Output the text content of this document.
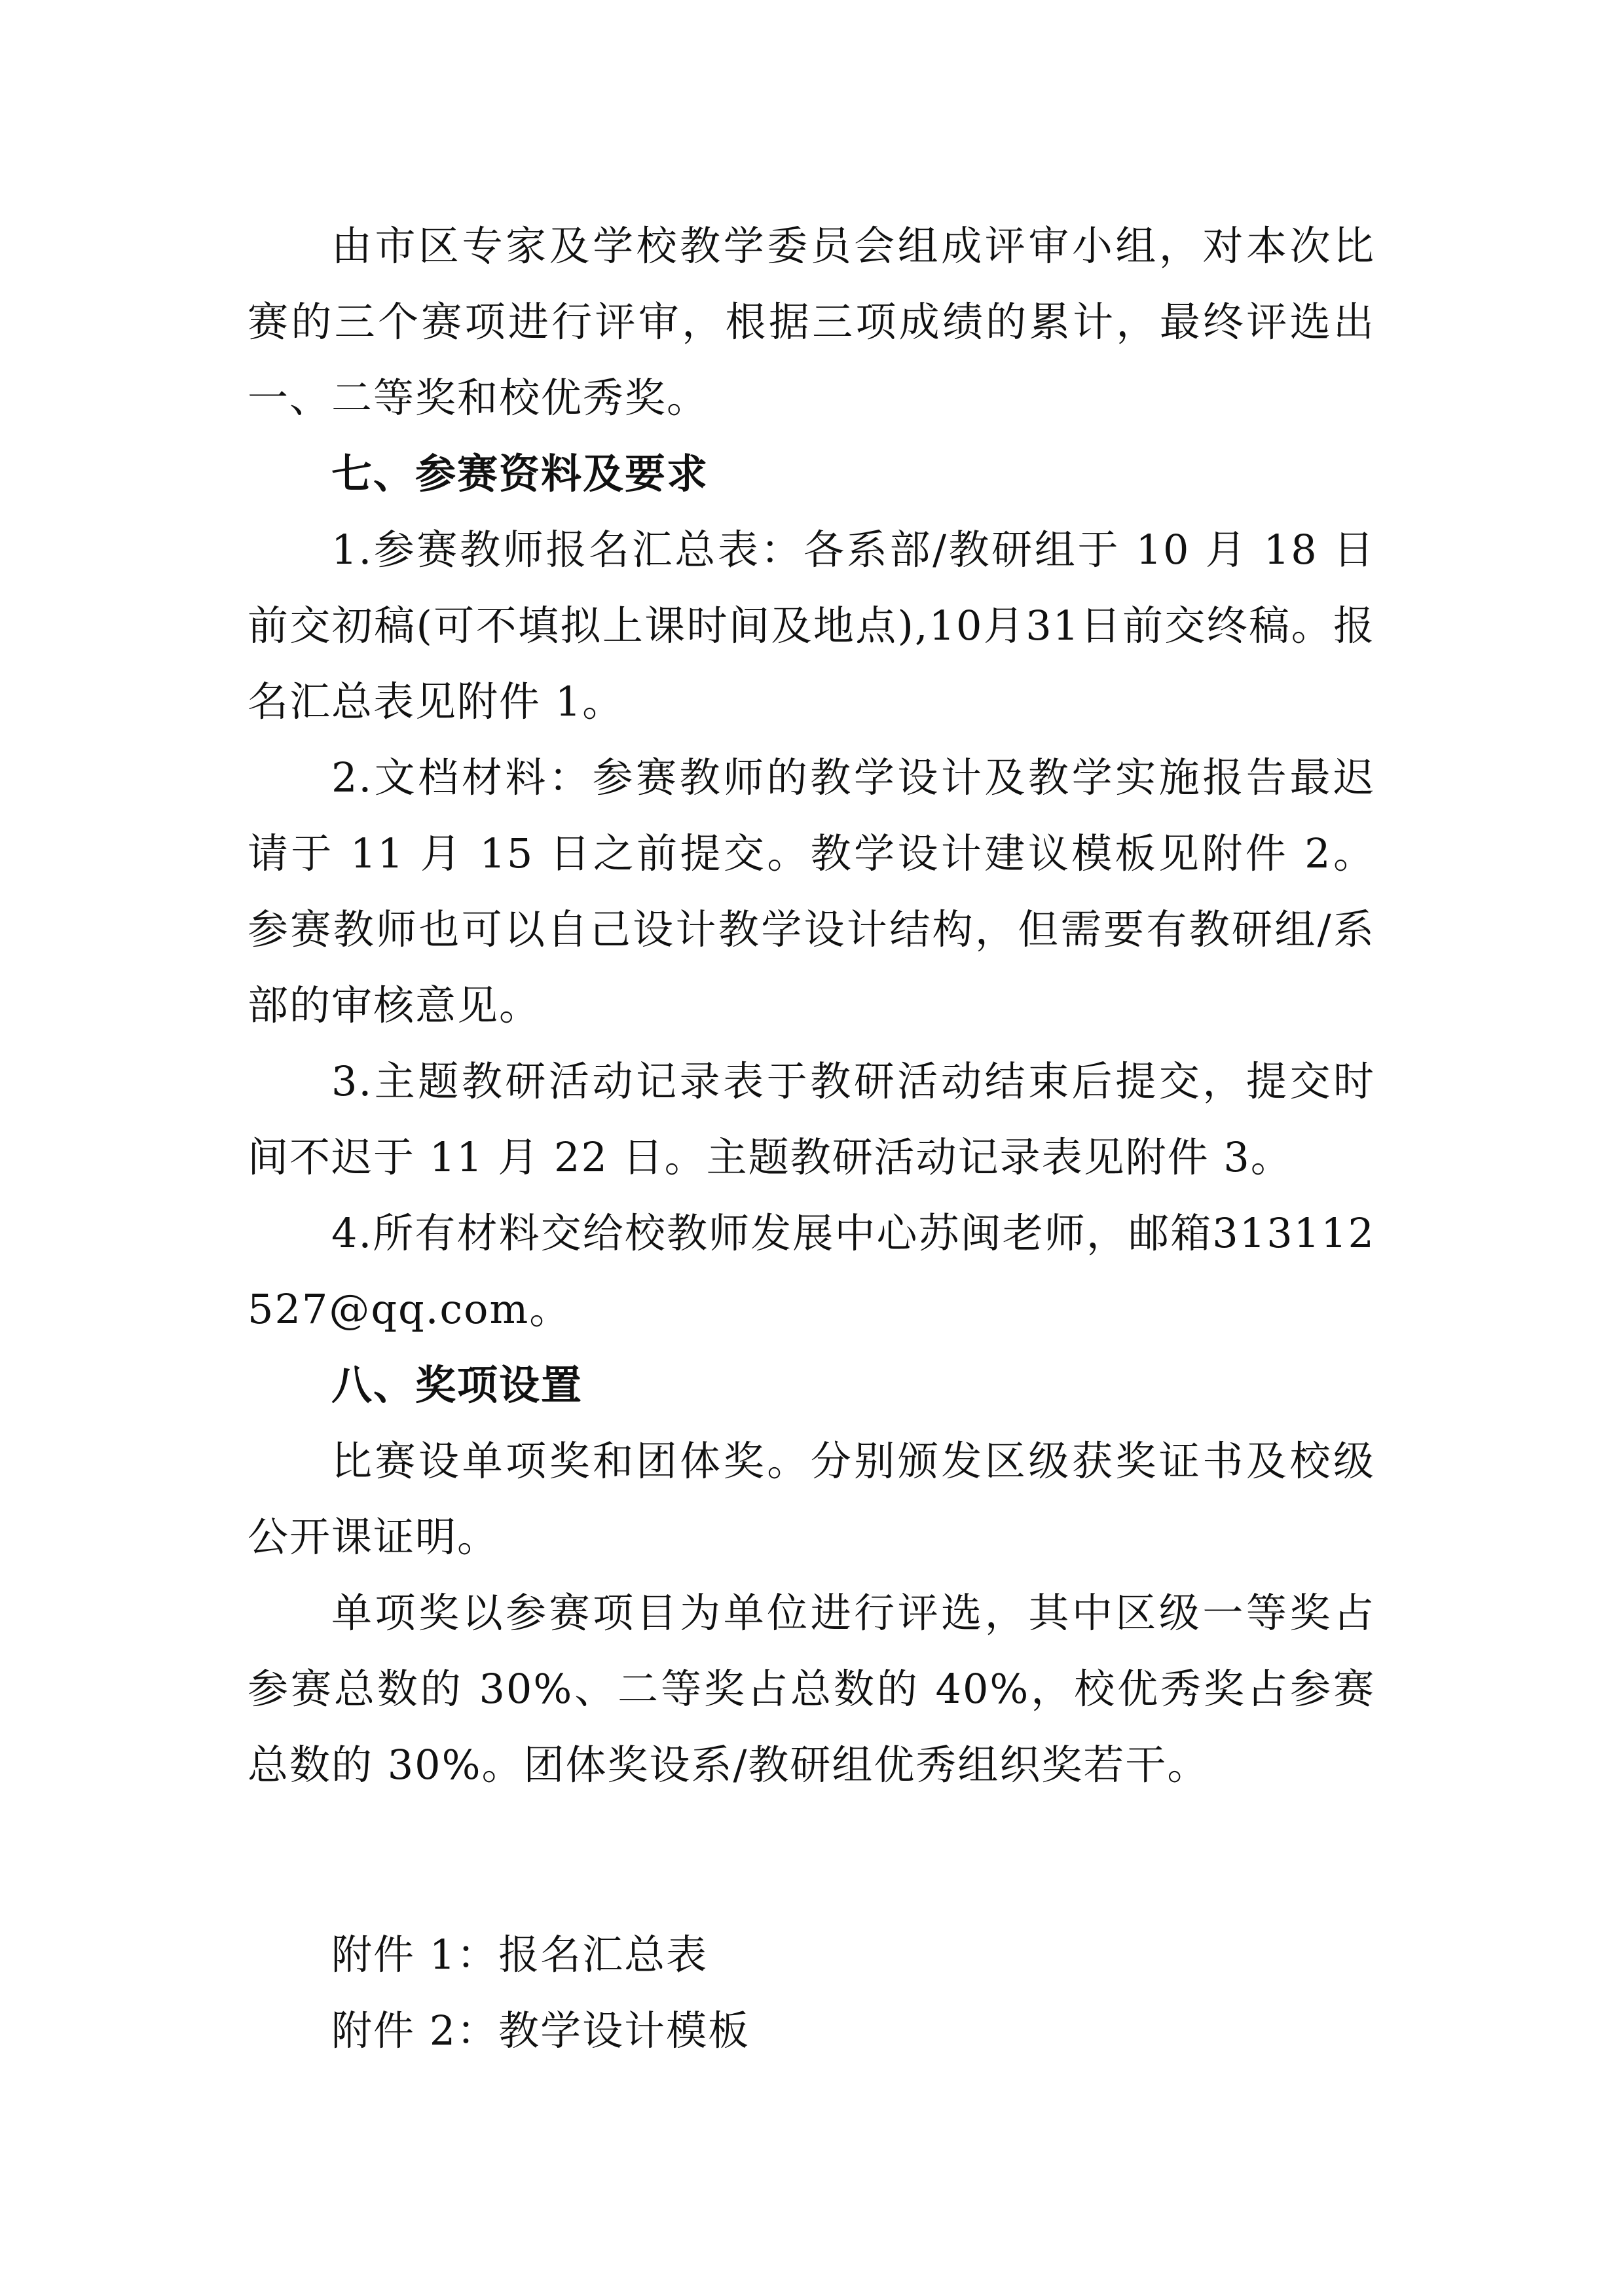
由市区专家及学校教学委员会组成评审小组，对本次比赛的三个赛项进行评审，根据三项成绩的累计，最终评选出一、二等奖和校优秀奖。

七、参赛资料及要求

1.参赛教师报名汇总表：各系部/教研组于 10 月 18 日前交初稿(可不填拟上课时间及地点),10月31日前交终稿。报名汇总表见附件 1。

2.文档材料：参赛教师的教学设计及教学实施报告最迟请于 11 月 15 日之前提交。教学设计建议模板见附件 2。参赛教师也可以自己设计教学设计结构，但需要有教研组/系部的审核意见。

3.主题教研活动记录表于教研活动结束后提交，提交时间不迟于 11 月 22 日。主题教研活动记录表见附件 3。

4.所有材料交给校教师发展中心苏闽老师，邮箱313112527@qq.com。

八、奖项设置

比赛设单项奖和团体奖。分别颁发区级获奖证书及校级公开课证明。

单项奖以参赛项目为单位进行评选，其中区级一等奖占参赛总数的 30%、二等奖占总数的 40%，校优秀奖占参赛总数的 30%。团体奖设系/教研组优秀组织奖若干。

附件 1：报名汇总表

附件 2：教学设计模板
